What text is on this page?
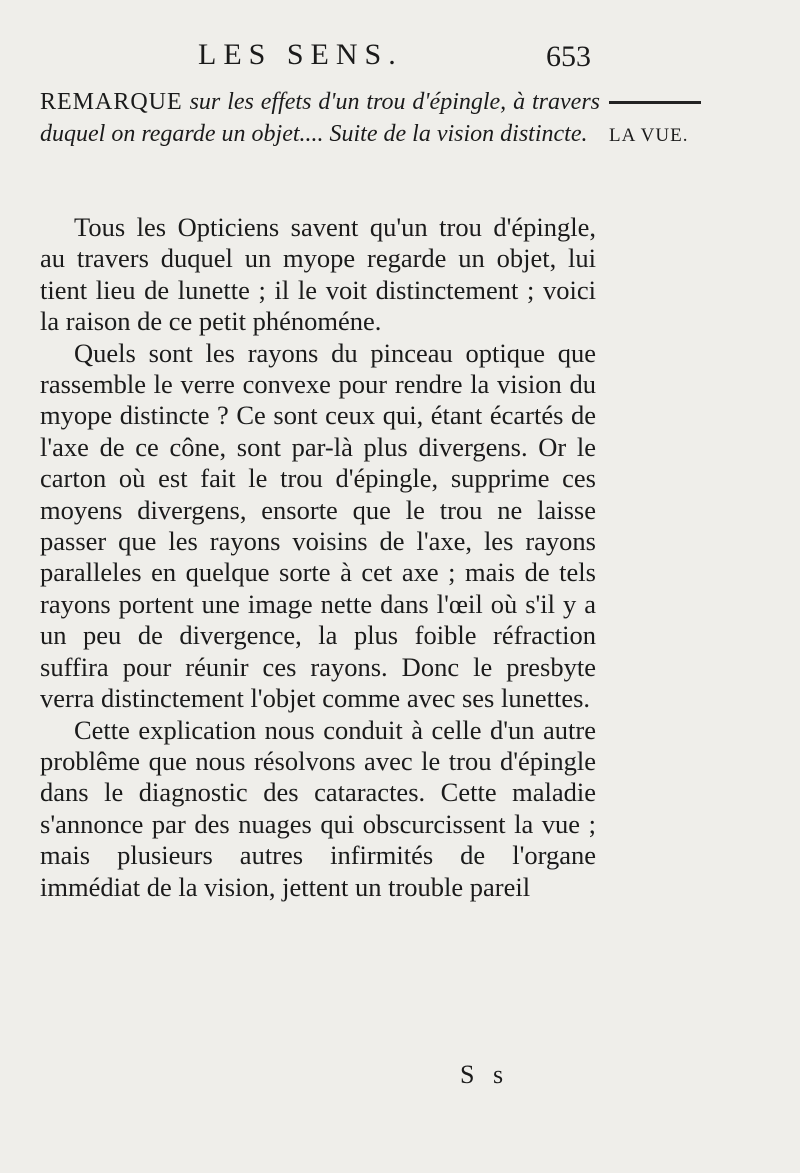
LES SENS.	653
LA VUE.
REMARQUE sur les effets d'un trou d'épingle, à travers duquel on regarde un objet.... Suite de la vision distincte.

Tous les Opticiens savent qu'un trou d'épingle, au travers duquel un myope regarde un objet, lui tient lieu de lunette ; il le voit distinctement ; voici la raison de ce petit phénoméne.

Quels sont les rayons du pinceau optique que rassemble le verre convexe pour rendre la vision du myope distincte ? Ce sont ceux qui, étant écartés de l'axe de ce cône, sont par-là plus divergens. Or le carton où est fait le trou d'épingle, supprime ces moyens divergens, ensorte que le trou ne laisse passer que les rayons voisins de l'axe, les rayons paralleles en quelque sorte à cet axe ; mais de tels rayons portent une image nette dans l'œil où s'il y a un peu de divergence, la plus foible réfraction suffira pour réunir ces rayons. Donc le presbyte verra distinctement l'objet comme avec ses lunettes.

Cette explication nous conduit à celle d'un autre problême que nous résolvons avec le trou d'épingle dans le diagnostic des cataractes. Cette maladie s'annonce par des nuages qui obscurcissent la vue ; mais plusieurs autres infirmités de l'organe immédiat de la vision, jettent un trouble pareil

S s
